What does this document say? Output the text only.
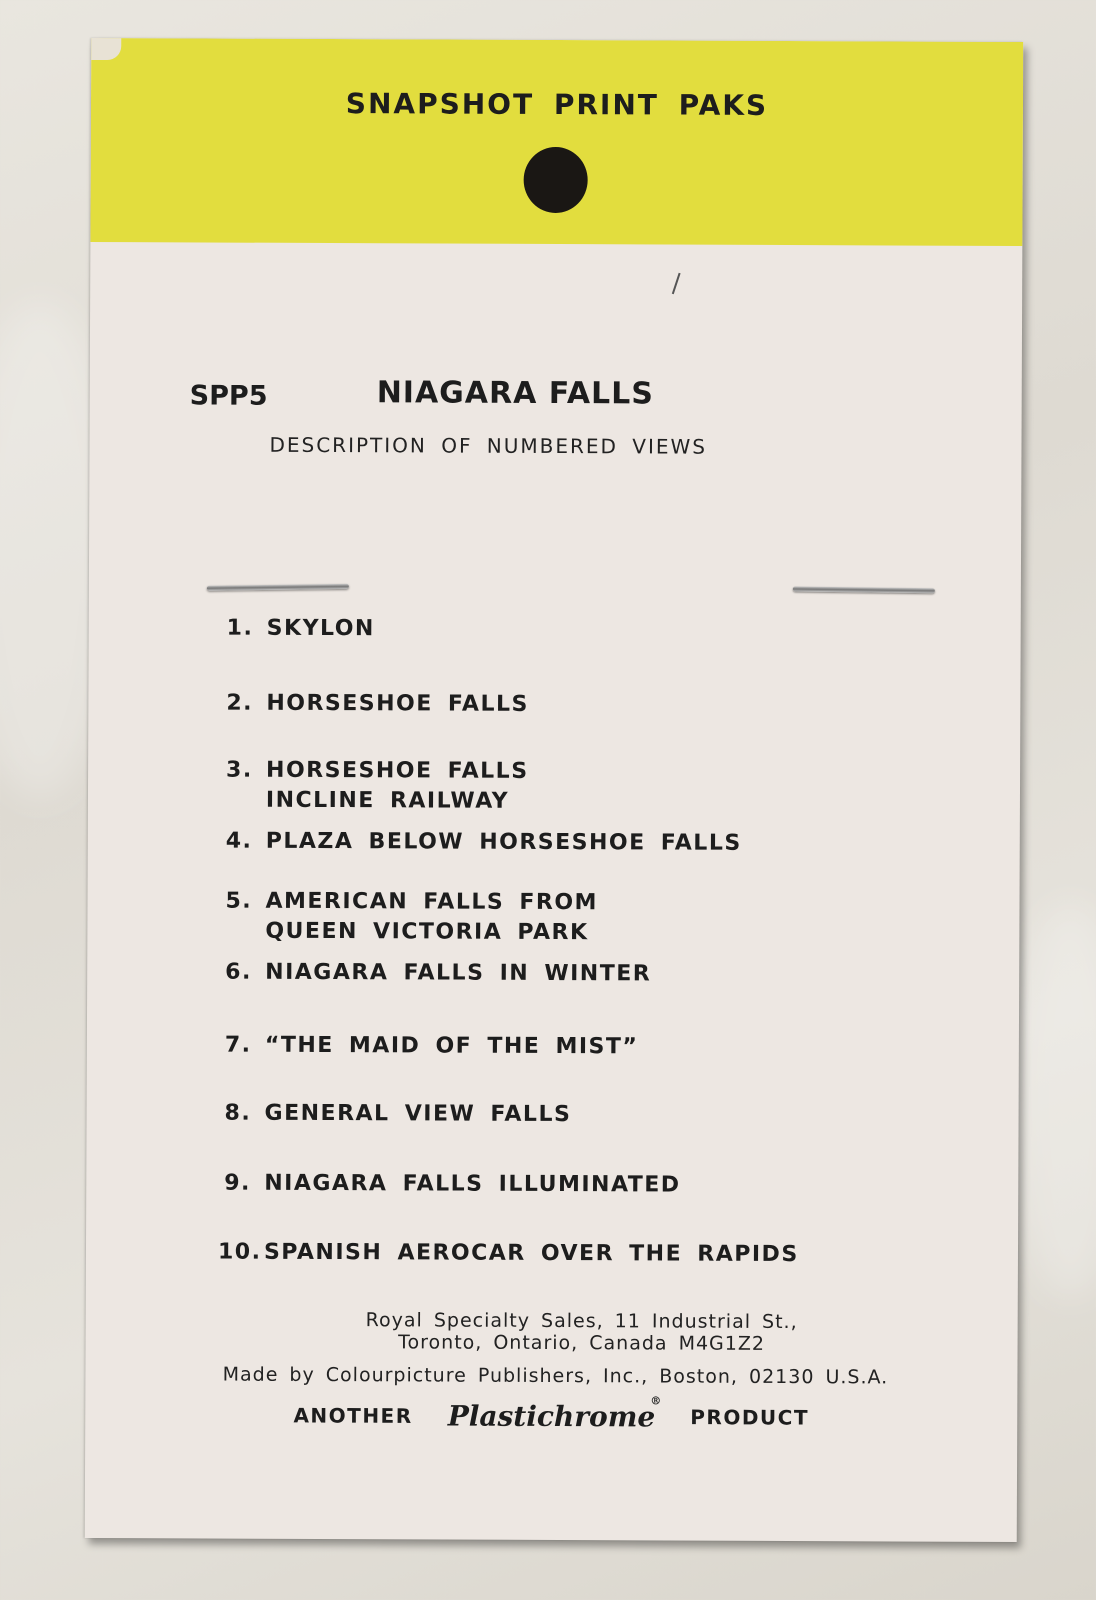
SNAPSHOT PRINT PAKS
SPP5	NIAGARA FALLS
DESCRIPTION OF NUMBERED VIEWS
1. SKYLON
2. HORSESHOE FALLS
3. HORSESHOE FALLS
INCLINE RAILWAY
4. PLAZA BELOW HORSESHOE FALLS
5. AMERICAN FALLS FROM
QUEEN VICTORIA PARK
6. NIAGARA FALLS IN WINTER
7. “THE MAID OF THE MIST”
8. GENERAL VIEW FALLS
9. NIAGARA FALLS ILLUMINATED
10. SPANISH AEROCAR OVER THE RAPIDS
Royal Specialty Sales, 11 Industrial St.,
Toronto, Ontario, Canada M4G1Z2
Made by Colourpicture Publishers, Inc., Boston, 02130 U.S.A.
ANOTHER Plastichrome
®
PRODUCT
